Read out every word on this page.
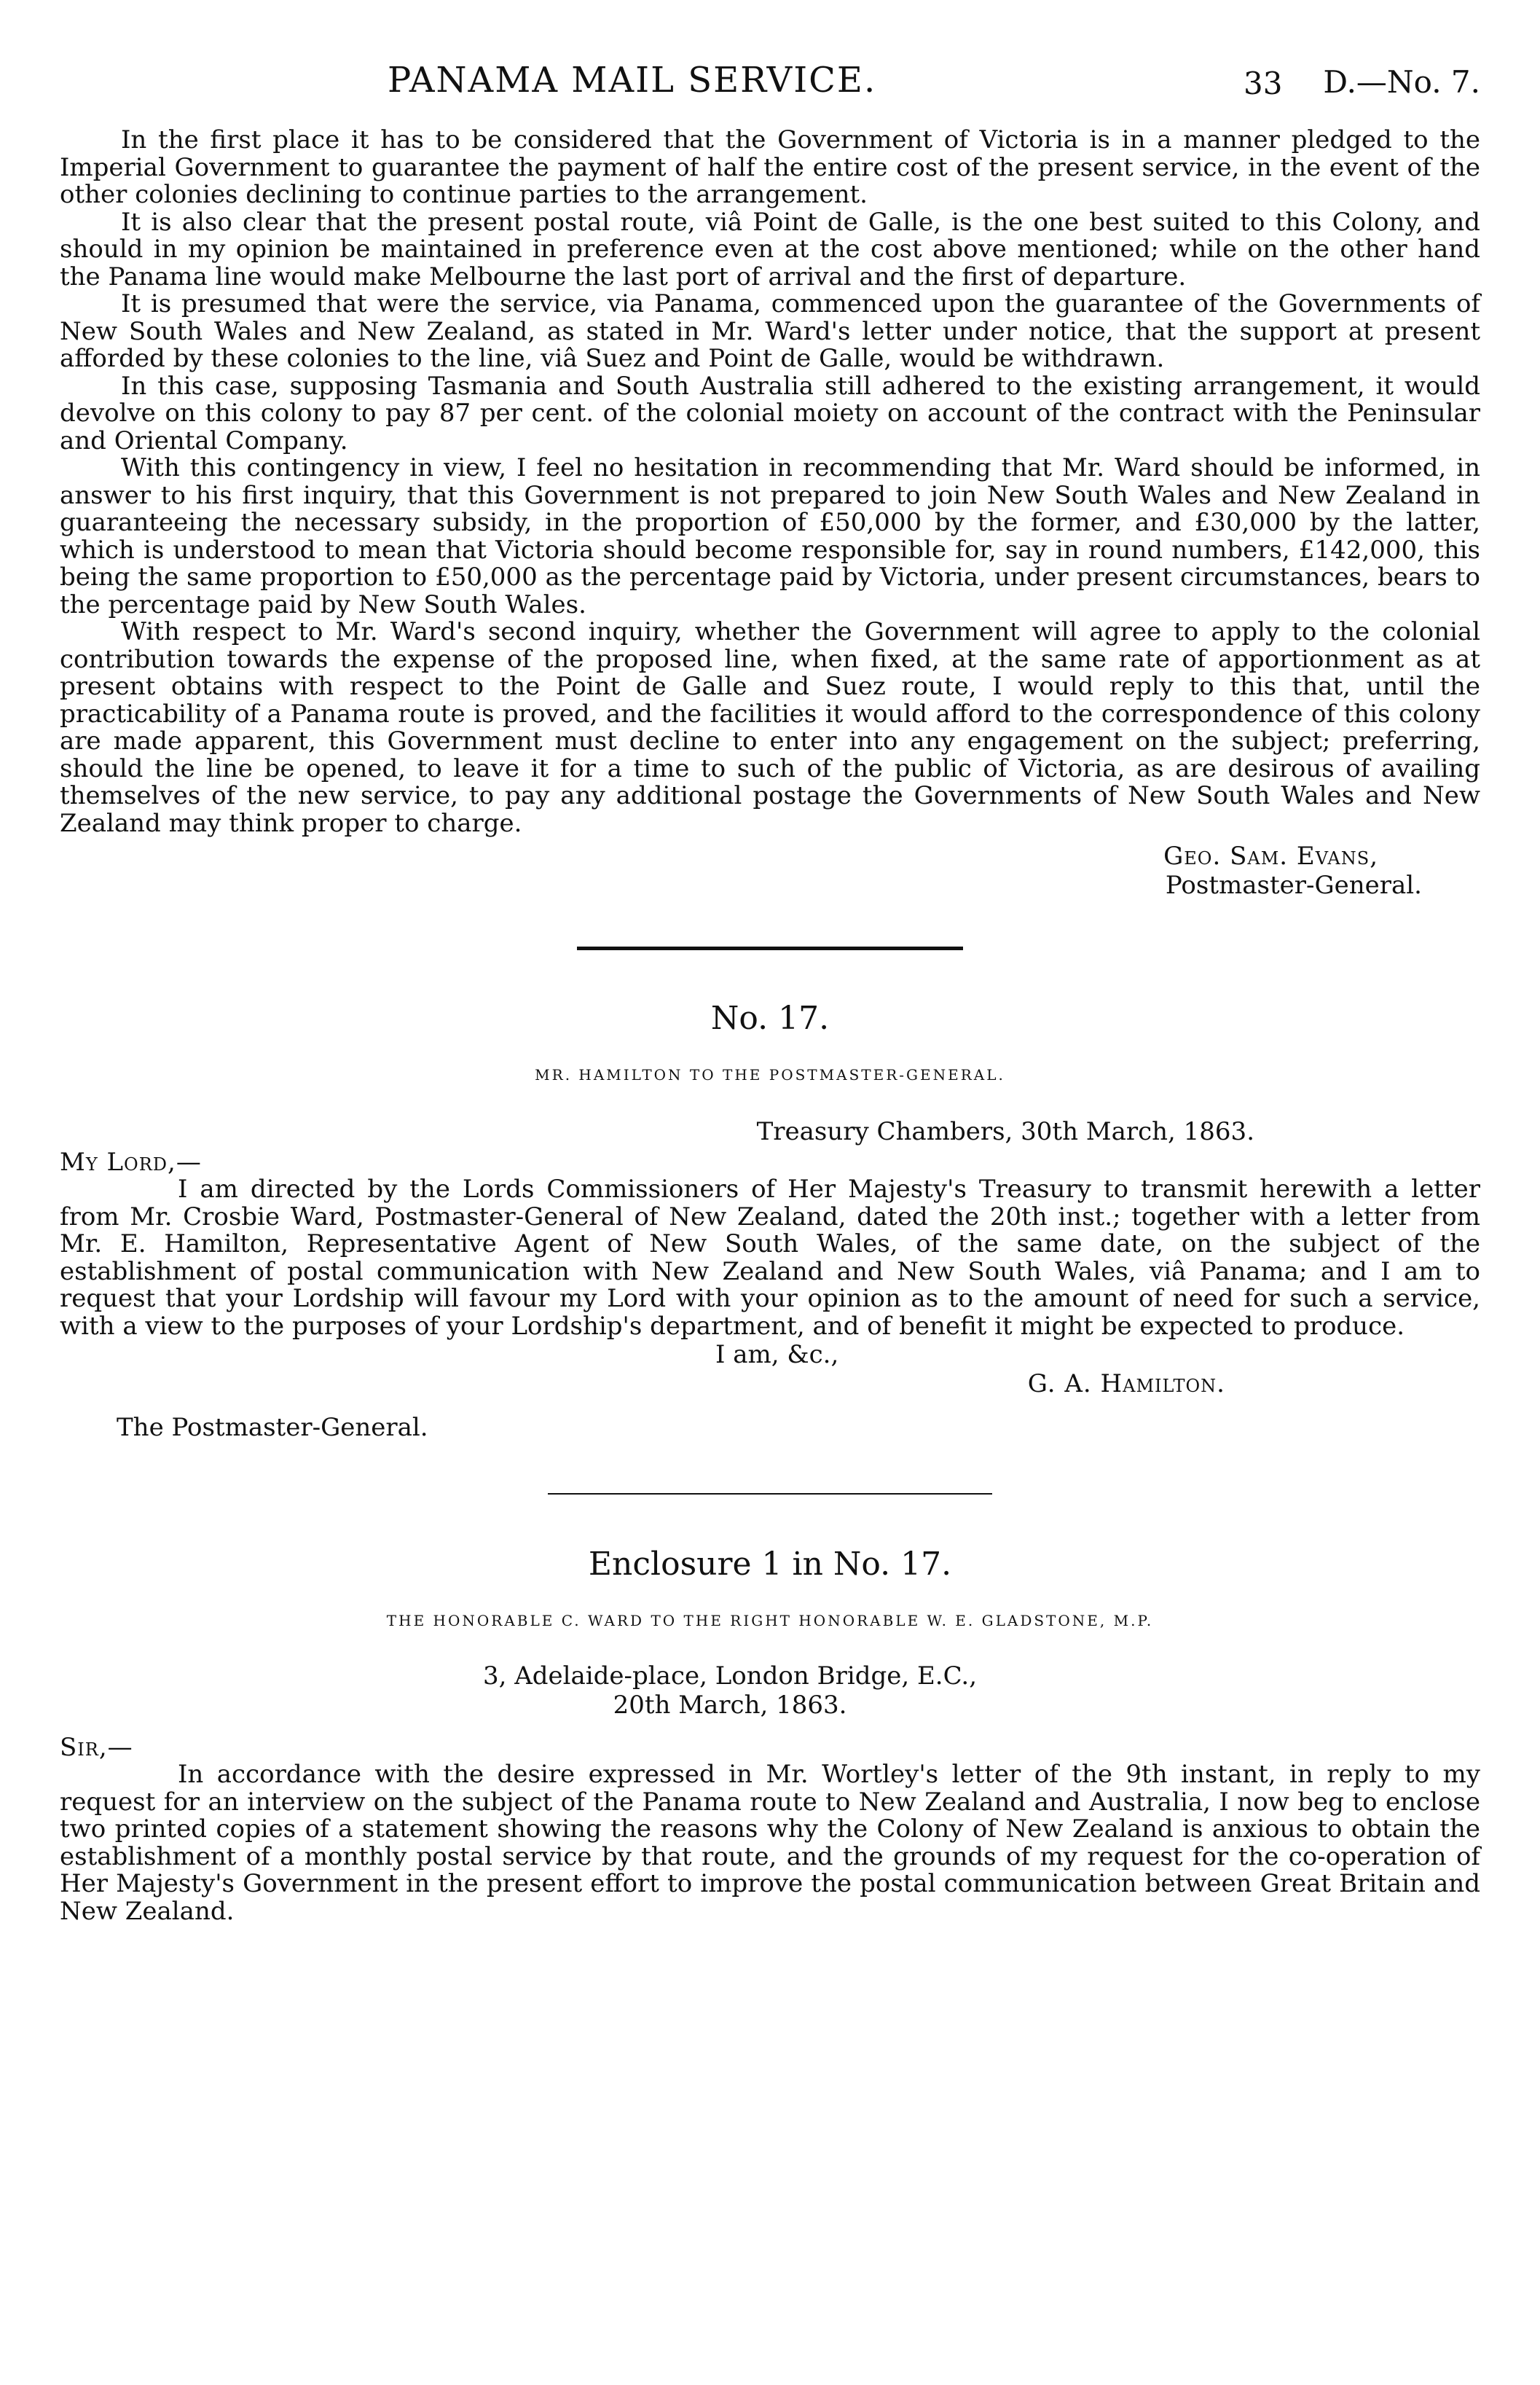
PANAMA MAIL SERVICE.	33 D.—No. 7.

In the first place it has to be considered that the Government of Victoria is in a manner pledged to the Imperial Government to guarantee the payment of half the entire cost of the present service, in the event of the other colonies declining to continue parties to the arrangement.

It is also clear that the present postal route, viâ Point de Galle, is the one best suited to this Colony, and should in my opinion be maintained in preference even at the cost above mentioned; while on the other hand the Panama line would make Melbourne the last port of arrival and the first of departure.

It is presumed that were the service, via Panama, commenced upon the guarantee of the Governments of New South Wales and New Zealand, as stated in Mr. Ward's letter under notice, that the support at present afforded by these colonies to the line, viâ Suez and Point de Galle, would be withdrawn.

In this case, supposing Tasmania and South Australia still adhered to the existing arrangement, it would devolve on this colony to pay 87 per cent. of the colonial moiety on account of the contract with the Peninsular and Oriental Company.

With this contingency in view, I feel no hesitation in recommending that Mr. Ward should be informed, in answer to his first inquiry, that this Government is not prepared to join New South Wales and New Zealand in guaranteeing the necessary subsidy, in the proportion of £50,000 by the former, and £30,000 by the latter, which is understood to mean that Victoria should become responsible for, say in round numbers, £142,000, this being the same proportion to £50,000 as the percentage paid by Victoria, under present circumstances, bears to the percentage paid by New South Wales.

With respect to Mr. Ward's second inquiry, whether the Government will agree to apply to the colonial contribution towards the expense of the proposed line, when fixed, at the same rate of apportionment as at present obtains with respect to the Point de Galle and Suez route, I would reply to this that, until the practicability of a Panama route is proved, and the facilities it would afford to the correspondence of this colony are made apparent, this Government must decline to enter into any engagement on the subject; preferring, should the line be opened, to leave it for a time to such of the public of Victoria, as are desirous of availing themselves of the new service, to pay any additional postage the Governments of New South Wales and New Zealand may think proper to charge.

Geo. Sam. Evans,
Postmaster-General.
No. 17.
MR. HAMILTON TO THE POSTMASTER-GENERAL.
Treasury Chambers, 30th March, 1863.
My Lord,—

I am directed by the Lords Commissioners of Her Majesty's Treasury to transmit herewith a letter from Mr. Crosbie Ward, Postmaster-General of New Zealand, dated the 20th inst.; together with a letter from Mr. E. Hamilton, Representative Agent of New South Wales, of the same date, on the subject of the establishment of postal communication with New Zealand and New South Wales, viâ Panama; and I am to request that your Lordship will favour my Lord with your opinion as to the amount of need for such a service, with a view to the purposes of your Lordship's department, and of benefit it might be expected to produce.

I am, &c.,
G. A. Hamilton.
The Postmaster-General.
Enclosure 1 in No. 17.
THE HONORABLE C. WARD TO THE RIGHT HONORABLE W. E. GLADSTONE, M.P.
3, Adelaide-place, London Bridge, E.C.,
20th March, 1863.
Sir,—

In accordance with the desire expressed in Mr. Wortley's letter of the 9th instant, in reply to my request for an interview on the subject of the Panama route to New Zealand and Australia, I now beg to enclose two printed copies of a statement showing the reasons why the Colony of New Zealand is anxious to obtain the establishment of a monthly postal service by that route, and the grounds of my request for the co-operation of Her Majesty's Government in the present effort to improve the postal communication between Great Britain and New Zealand.
